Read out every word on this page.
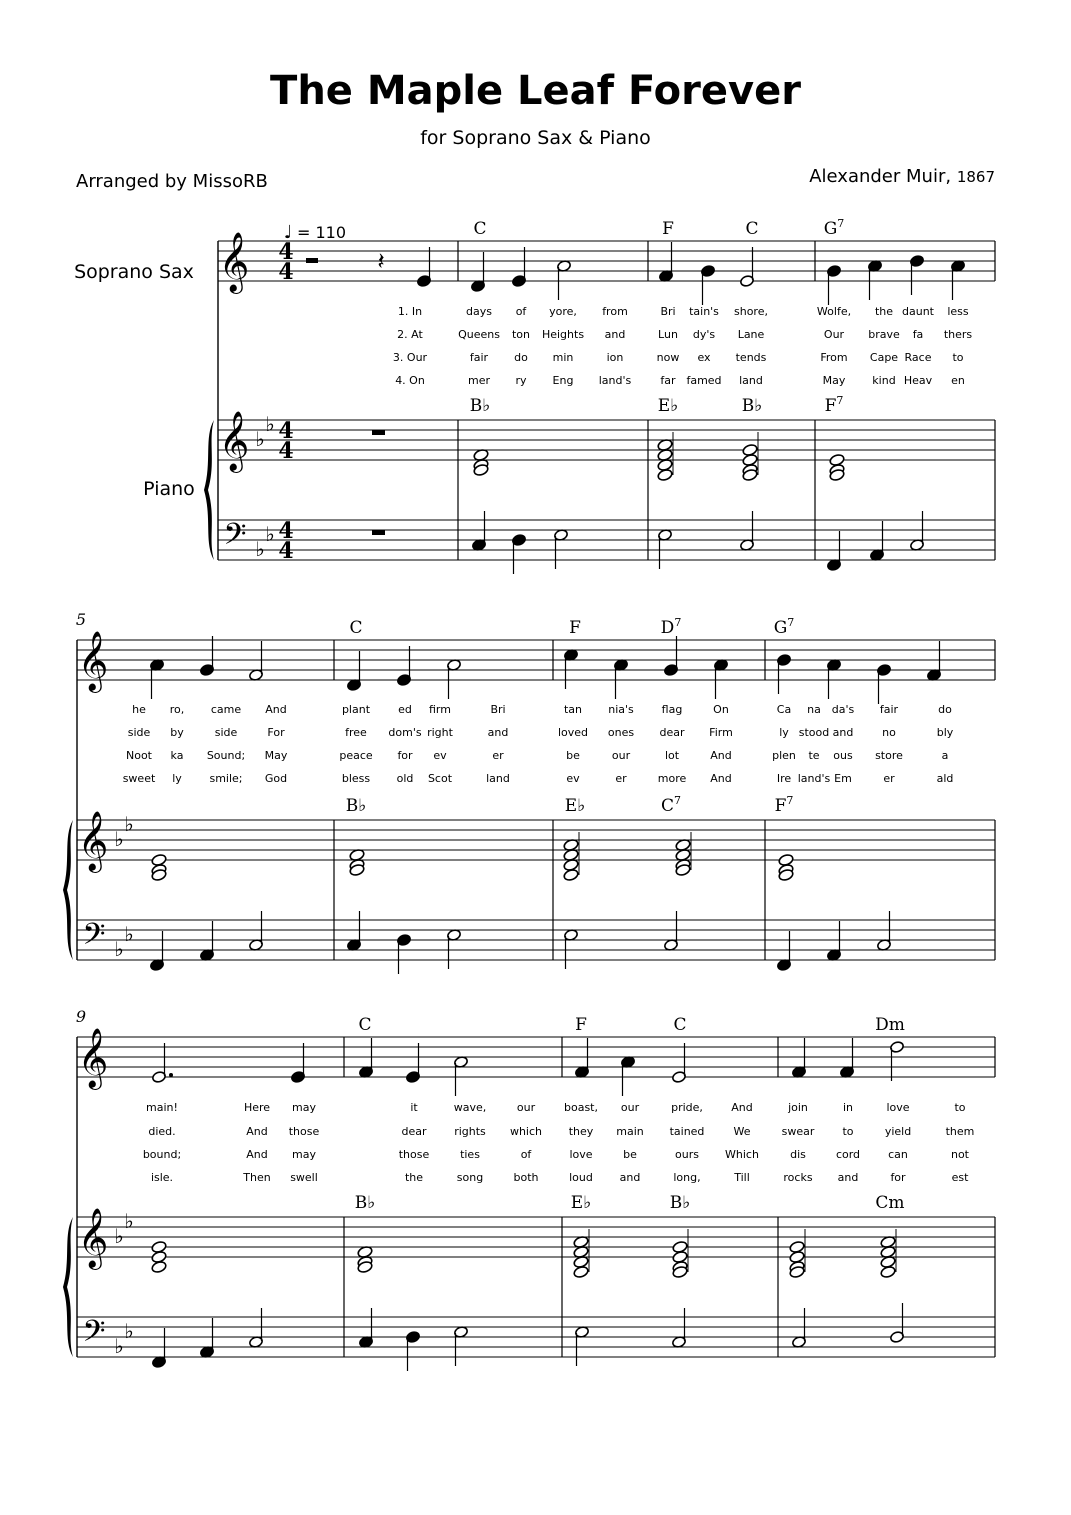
The Maple Leaf Forever
for Soprano Sax & Piano
Arranged by MissoRB	Alexander Muir, 1867
𝄞
𝄞
𝄢
♭
♭
♭
♭
4
4
4
4
4
4
𝄞
𝄞
𝄢
♭
♭
♭
♭
5
𝄞
𝄞
𝄢
♭
♭
♭
♭
9
Soprano Sax
Piano
♩ = 110	C	F	C	$G^7$
B♭	E♭	B♭	$F^7$
C	F	$D^7$	$G^7$
B♭	E♭	$C^7$	$F^7$
C	F	C	Dm
B♭	E♭	B♭	Cm
1. In	days of yore, from	Bri tain's shore,	Wolfe, the daunt less
2. At	Queens ton Heights and	Lun dy's Lane	Our brave fa thers
3. Our	fair do min	ion	now ex tends	From Cape Race to
4. On	mer ry Eng land's	far famed land	May kind Heav en
he ro, came And	plant	ed firm	Bri	tan nia's	flag	On	Ca na da's fair	do
side by	side	For	free dom's right	and	loved ones dear Firm	ly stood and	no	bly
Noot ka Sound; May	peace for ev	er	be	our	lot	And	plen te ous store	a
sweet ly	smile; God	bless old Scot	land	ev	er	more And	Ire land's Em	er	ald
main!	Here may	it	wave,	our	boast, our	pride,	And	join	in	love	to
died.	And those	dear	rights which they main tained	We	swear	to	yield	them
bound;	And may	those	ties	of	love	be	ours Which	dis	cord	can	not
isle.	Then swell	the	song	both	loud and	long,	Till	rocks and	for	est
𝄽
